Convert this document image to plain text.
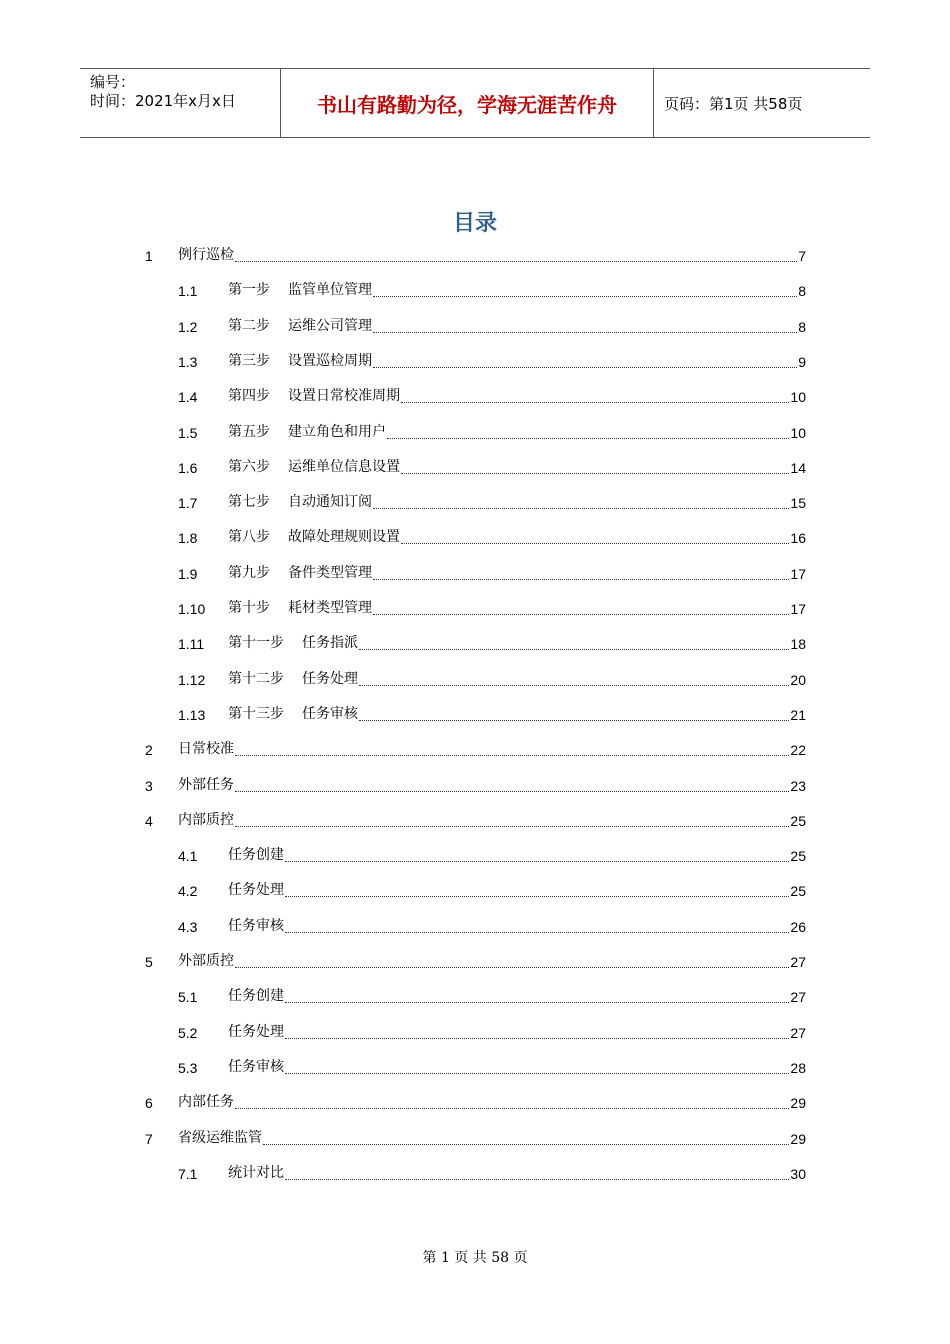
编号：
时间：2021年x月x日	书山有路勤为径，学海无涯苦作舟	页码：第1页 共58页
目录
1 例行巡检	7
1.1 第一步 监管单位管理	8
1.2 第二步 运维公司管理	8
1.3 第三步 设置巡检周期	9
1.4 第四步 设置日常校准周期	10
1.5 第五步 建立角色和用户	10
1.6 第六步 运维单位信息设置	14
1.7 第七步 自动通知订阅	15
1.8 第八步 故障处理规则设置	16
1.9 第九步 备件类型管理	17
1.10 第十步 耗材类型管理	17
1.11 第十一步 任务指派	18
1.12 第十二步 任务处理	20
1.13 第十三步 任务审核	21
2 日常校准	22
3 外部任务	23
4 内部质控	25
4.1 任务创建	25
4.2 任务处理	25
4.3 任务审核	26
5 外部质控	27
5.1 任务创建	27
5.2 任务处理	27
5.3 任务审核	28
6 内部任务	29
7 省级运维监管	29
7.1 统计对比	30
第 1 页 共 58 页
